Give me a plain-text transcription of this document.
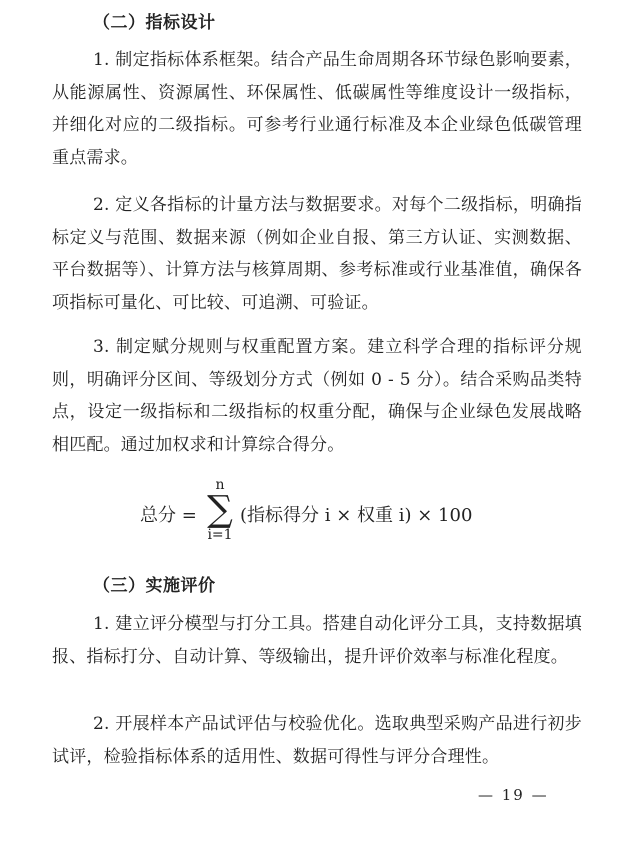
（二）指标设计
1. 制定指标体系框架。结合产品生命周期各环节绿色影响要素，从能源属性、资源属性、环保属性、低碳属性等维度设计一级指标，并细化对应的二级指标。可参考行业通行标准及本企业绿色低碳管理重点需求。
2. 定义各指标的计量方法与数据要求。对每个二级指标，明确指标定义与范围、数据来源（例如企业自报、第三方认证、实测数据、平台数据等）、计算方法与核算周期、参考标准或行业基准值，确保各项指标可量化、可比较、可追溯、可验证。
3. 制定赋分规则与权重配置方案。建立科学合理的指标评分规则，明确评分区间、等级划分方式（例如 0 - 5 分）。结合采购品类特点，设定一级指标和二级指标的权重分配，确保与企业绿色发展战略相匹配。通过加权求和计算综合得分。
总分 =
n
∑
i=1
(指标得分 i × 权重 i) × 100
（三）实施评价
1. 建立评分模型与打分工具。搭建自动化评分工具，支持数据填报、指标打分、自动计算、等级输出，提升评价效率与标准化程度。
2. 开展样本产品试评估与校验优化。选取典型采购产品进行初步试评，检验指标体系的适用性、数据可得性与评分合理性。
— 19 —
